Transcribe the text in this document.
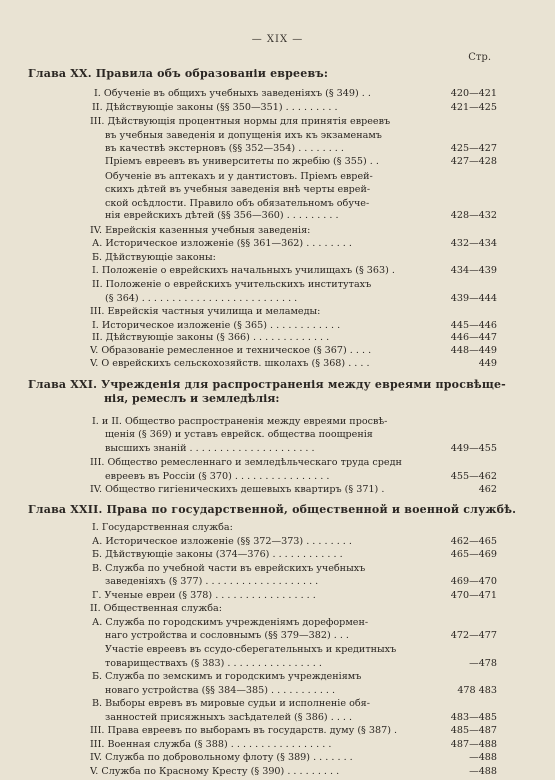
— XIX —
Стр.
Глава XX. Правила объ образованіи евреевъ:
I. Обученіе въ общихъ учебныхъ заведеніяхъ (§ 349) . .	420—421
II. Дѣйствующіе законы (§§ 350—351) . . . . . . . . .	421—425
III. Дѣйствующія процентныя нормы для принятія евреевъ
въ учебныя заведенія и допущенія ихъ къ экзаменамъ
въ качествѣ экстерновъ (§§ 352—354) . . . . . . . .	425—427
Пріемъ евреевъ въ университеты по жребію (§ 355) . .	427—428
Обученіе въ аптекахъ и у дантистовъ. Пріемъ еврей-
скихъ дѣтей въ учебныя заведенія внѣ черты еврей-
ской осѣдлости. Правило объ обязательномъ обуче-
нія еврейскихъ дѣтей (§§ 356—360) . . . . . . . . .	428—432
IV. Еврейскія казенныя учебныя заведенія:
А. Историческое изложеніе (§§ 361—362) . . . . . . . .	432—434
Б. Дѣйствующіе законы:
I. Положеніе о еврейскихъ начальныхъ училищахъ (§ 363) .	434—439
II. Положеніе о еврейскихъ учительскихъ институтахъ
(§ 364) . . . . . . . . . . . . . . . . . . . . . . . . . .	439—444
III. Еврейскія частныя училища и меламеды:
I. Историческое изложеніе (§ 365) . . . . . . . . . . . .	445—446
II. Дѣйствующіе законы (§ 366) . . . . . . . . . . . . .	446—447
V. Образованіе ремесленное и техническое (§ 367) . . . .	448—449
V. О еврейскихъ сельскохозяйств. школахъ (§ 368) . . . .	449
Глава XXI. Учрежденія для распространенія между евреями просвѣще-
нія, ремеслъ и земледѣлія:
I. и II. Общество распространенія между евреями просвѣ-
щенія (§ 369) и уставъ еврейск. общества поощренія
высшихъ знаній . . . . . . . . . . . . . . . . . . . . .	449—455
III. Общество ремесленнаго и земледѣльческаго труда средн
евреевъ въ Россіи (§ 370) . . . . . . . . . . . . . . . .	455—462
IV. Общество гигіеническихъ дешевыхъ квартиръ (§ 371) .	462
Глава XXII. Права по государственной, общественной и военной службѣ.
I. Государственная служба:
А. Историческое изложеніе (§§ 372—373) . . . . . . . .	462—465
Б. Дѣйствующіе законы (374—376) . . . . . . . . . . . .	465—469
В. Служба по учебной части въ еврейскихъ учебныхъ
заведеніяхъ (§ 377) . . . . . . . . . . . . . . . . . . .	469—470
Г. Ученые евреи (§ 378) . . . . . . . . . . . . . . . . .	470—471
II. Общественная служба:
А. Служба по городскимъ учрежденіямъ дореформен-
наго устройства и сословнымъ (§§ 379—382) . . .	472—477
Участіе евреевъ въ ссудо-сберегательныхъ и кредитныхъ
товариществахъ (§ 383) . . . . . . . . . . . . . . . .	—478
Б. Служба по земскимъ и городскимъ учрежденіямъ
новаго устройства (§§ 384—385) . . . . . . . . . . .	478 483
В. Выборы евревъ въ мировые судьи и исполненіе обя-
занностей присяжныхъ засѣдателей (§ 386) . . . .	483—485
III. Права евреевъ по выборамъ въ государств. думу (§ 387) .	485—487
III. Военная служба (§ 388) . . . . . . . . . . . . . . . . .	487—488
IV. Служба по добровольному флоту (§ 389) . . . . . . .	—488
V. Служба по Красному Кресту (§ 390) . . . . . . . . .	—488
